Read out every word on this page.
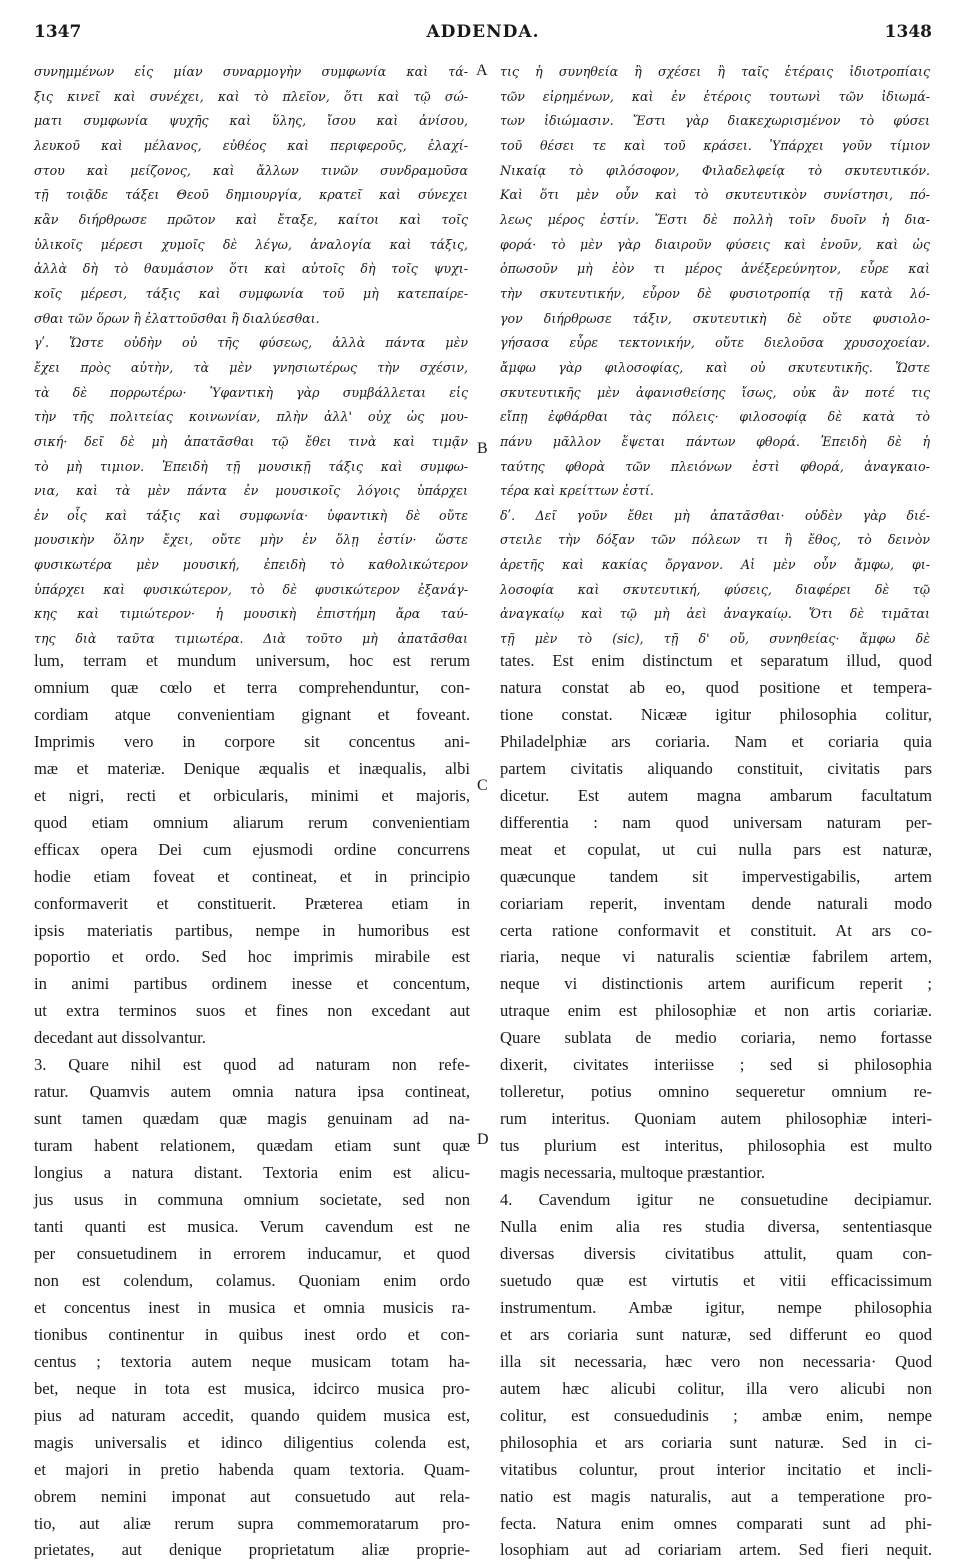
1347	ADDENDA.	1348
συνημμένων εἰς μίαν συναρμογὴν συμφωνία καὶ τά-
ξις κινεῖ καὶ συνέχει, καὶ τὸ πλεῖον, ὅτι καὶ τῷ σώ-
ματι συμφωνία ψυχῆς καὶ ὕλης, ἴσου καὶ ἀνίσου,
λευκοῦ καὶ μέλανος, εὐθέος καὶ περιφεροῦς, ἐλαχί-
στου καὶ μείζονος, καὶ ἄλλων τινῶν συνδραμοῦσα
τῇ τοιᾷδε τάξει Θεοῦ δημιουργία, κρατεῖ καὶ σύνεχει
κἂν διήρθρωσε πρῶτον καὶ ἔταξε, καίτοι καὶ τοῖς
ὑλικοῖς μέρεσι χυμοῖς δὲ λέγω, ἀναλογία καὶ τάξις,
ἀλλὰ δὴ τὸ θαυμάσιον ὅτι καὶ αὐτοῖς δὴ τοῖς ψυχι-
κοῖς μέρεσι, τάξις καὶ συμφωνία τοῦ μὴ κατεπαίρε-
σθαι τῶν ὅρων ἢ ἐλαττοῦσθαι ἢ διαλύεσθαι.
γʹ. Ὥστε οὐδὴν οὐ τῆς φύσεως, ἀλλὰ πάντα μὲν
ἔχει πρὸς αὐτὴν, τὰ μὲν γνησιωτέρως τὴν σχέσιν,
τὰ δὲ πορρωτέρω· Ὑφαντικὴ γὰρ συμβάλλεται εἰς
τὴν τῆς πολιτείας κοινωνίαν, πλὴν ἀλλ' οὐχ ὡς μου-
σική· δεῖ δὲ μὴ ἀπατᾶσθαι τῷ ἔθει τινὰ καὶ τιμᾷν
τὸ μὴ τιμιον. Ἐπειδὴ τῇ μουσικῇ τάξις καὶ συμφω-
νια, καὶ τὰ μὲν πάντα ἐν μουσικοῖς λόγοις ὑπάρχει
ἐν οἷς καὶ τάξις καὶ συμφωνία· ὑφαντικὴ δὲ οὔτε
μουσικὴν ὅλην ἔχει, οὔτε μὴν ἐν ὅλῃ ἐστίν· ὥστε
φυσικωτέρα μὲν μουσική, ἐπειδὴ τὸ καθολικώτερον
ὑπάρχει καὶ φυσικώτερον, τὸ δὲ φυσικώτερον ἐξανάγ-
κης καὶ τιμιώτερον· ἡ μουσικὴ ἐπιστήμη ἄρα ταύ-
της διὰ ταῦτα τιμιωτέρα. Διὰ τοῦτο μὴ ἀπατᾶσθαι
τις ἡ συνηθεία ἢ σχέσει ἢ ταῖς ἑτέραις ἰδιοτροπίαις
τῶν εἰρημένων, καὶ ἐν ἑτέροις τουτωνὶ τῶν ἰδιωμά-
των ἰδιώμασιν. Ἔστι γὰρ διακεχωρισμένον τὸ φύσει
τοῦ θέσει τε καὶ τοῦ κράσει. Ὑπάρχει γοῦν τίμιον
Νικαίᾳ τὸ φιλόσοφον, Φιλαδελφείᾳ τὸ σκυτευτικόν.
Καὶ ὅτι μὲν οὖν καὶ τὸ σκυτευτικὸν συνίστησι, πό-
λεως μέρος ἐστίν. Ἔστι δὲ πολλὴ τοῖν δυοῖν ἡ δια-
φορά· τὸ μὲν γὰρ διαιροῦν φύσεις καὶ ἑνοῦν, καὶ ὡς
ὁπωσοῦν μὴ ἐὸν τι μέρος ἀνέξερεύνητον, εὗρε καὶ
τὴν σκυτευτικήν, εὗρον δὲ φυσιοτροπίᾳ τῇ κατὰ λό-
γον διήρθρωσε τάξιν, σκυτευτικὴ δὲ οὔτε φυσιολο-
γήσασα εὗρε τεκτονικήν, οὔτε διελοῦσα χρυσοχοείαν.
ἄμφω γὰρ φιλοσοφίας, καὶ οὐ σκυτευτικῆς. Ὥστε
σκυτευτικῆς μὲν ἀφανισθείσης ἴσως, οὐκ ἂν ποτέ τις
εἴπῃ ἐφθάρθαι τὰς πόλεις· φιλοσοφίᾳ δὲ κατὰ τὸ
πάνυ μᾶλλον ἕψεται πάντων φθορά. Ἐπειδὴ δὲ ἡ
ταύτης φθορὰ τῶν πλειόνων ἐστὶ φθορά, ἀναγκαιο-
τέρα καὶ κρείττων ἐστί.
δʹ. Δεῖ γοῦν ἔθει μὴ ἀπατᾶσθαι· οὐδὲν γὰρ διέ-
στειλε τὴν δόξαν τῶν πόλεων τι ἢ ἔθος, τὸ δεινὸν
ἀρετῆς καὶ κακίας ὄργανον. Αἱ μὲν οὖν ἄμφω, φι-
λοσοφία καὶ σκυτευτική, φύσεις, διαφέρει δὲ τῷ
ἀναγκαίῳ καὶ τῷ μὴ ἀεὶ ἀναγκαίῳ. Ὅτι δὲ τιμᾶται
τῇ μὲν τὸ (sic), τῇ δ' οὔ, συνηθείας· ἄμφω δὲ
lum, terram et mundum universum, hoc est rerum
omnium quæ cœlo et terra comprehenduntur, con-
cordiam atque convenientiam gignant et foveant.
Imprimis vero in corpore sit concentus ani-
mæ et materiæ. Denique æqualis et inæqualis, albi
et nigri, recti et orbicularis, minimi et majoris,
quod etiam omnium aliarum rerum convenientiam
efficax opera Dei cum ejusmodi ordine concurrens
hodie etiam foveat et contineat, et in principio
conformaverit et constituerit. Præterea etiam in
ipsis materiatis partibus, nempe in humoribus est
poportio et ordo. Sed hoc imprimis mirabile est
in animi partibus ordinem inesse et concentum,
ut extra terminos suos et fines non excedant aut
decedant aut dissolvantur.
3. Quare nihil est quod ad naturam non refe-
ratur. Quamvis autem omnia natura ipsa contineat,
sunt tamen quædam quæ magis genuinam ad na-
turam habent relationem, quædam etiam sunt quæ
longius a natura distant. Textoria enim est alicu-
jus usus in communa omnium societate, sed non
tanti quanti est musica. Verum cavendum est ne
per consuetudinem in errorem inducamur, et quod
non est colendum, colamus. Quoniam enim ordo
et concentus inest in musica et omnia musicis ra-
tionibus continentur in quibus inest ordo et con-
centus ; textoria autem neque musicam totam ha-
bet, neque in tota est musica, idcirco musica pro-
pius ad naturam accedit, quando quidem musica est,
magis universalis et idinco diligentius colenda est,
et majori in pretio habenda quam textoria. Quam-
obrem nemini imponat aut consuetudo aut rela-
tio, aut aliæ rerum supra commemoratarum pro-
prietates, aut denique proprietatum aliæ proprie-
tates. Est enim distinctum et separatum illud, quod
natura constat ab eo, quod positione et tempera-
tione constat. Nicææ igitur philosophia colitur,
Philadelphiæ ars coriaria. Nam et coriaria quia
partem civitatis aliquando constituit, civitatis pars
dicetur. Est autem magna ambarum facultatum
differentia : nam quod universam naturam per-
meat et copulat, ut cui nulla pars est naturæ,
quæcunque tandem sit impervestigabilis, artem
coriariam reperit, inventam dende naturali modo
certa ratione conformavit et constituit. At ars co-
riaria, neque vi naturalis scientiæ fabrilem artem,
neque vi distinctionis artem aurificum reperit ;
utraque enim est philosophiæ et non artis coriariæ.
Quare sublata de medio coriaria, nemo fortasse
dixerit, civitates interiisse ; sed si philosophia
tolleretur, potius omnino sequeretur omnium re-
rum interitus. Quoniam autem philosophiæ interi-
tus plurium est interitus, philosophia est multo
magis necessaria, multoque præstantior.
4. Cavendum igitur ne consuetudine decipiamur.
Nulla enim alia res studia diversa, sententiasque
diversas diversis civitatibus attulit, quam con-
suetudo quæ est virtutis et vitii efficacissimum
instrumentum. Ambæ igitur, nempe philosophia
et ars coriaria sunt naturæ, sed differunt eo quod
illa sit necessaria, hæc vero non necessaria· Quod
autem hæc alicubi colitur, illa vero alicubi non
colitur, est consuedudinis ; ambæ enim, nempe
philosophia et ars coriaria sunt naturæ. Sed in ci-
vitatibus coluntur, prout interior incitatio et incli-
natio est magis naturalis, aut a temperatione pro-
fecta. Natura enim omnes comparati sunt ad phi-
losophiam aut ad coriariam artem. Sed fieri nequit.
A
B
C
D
